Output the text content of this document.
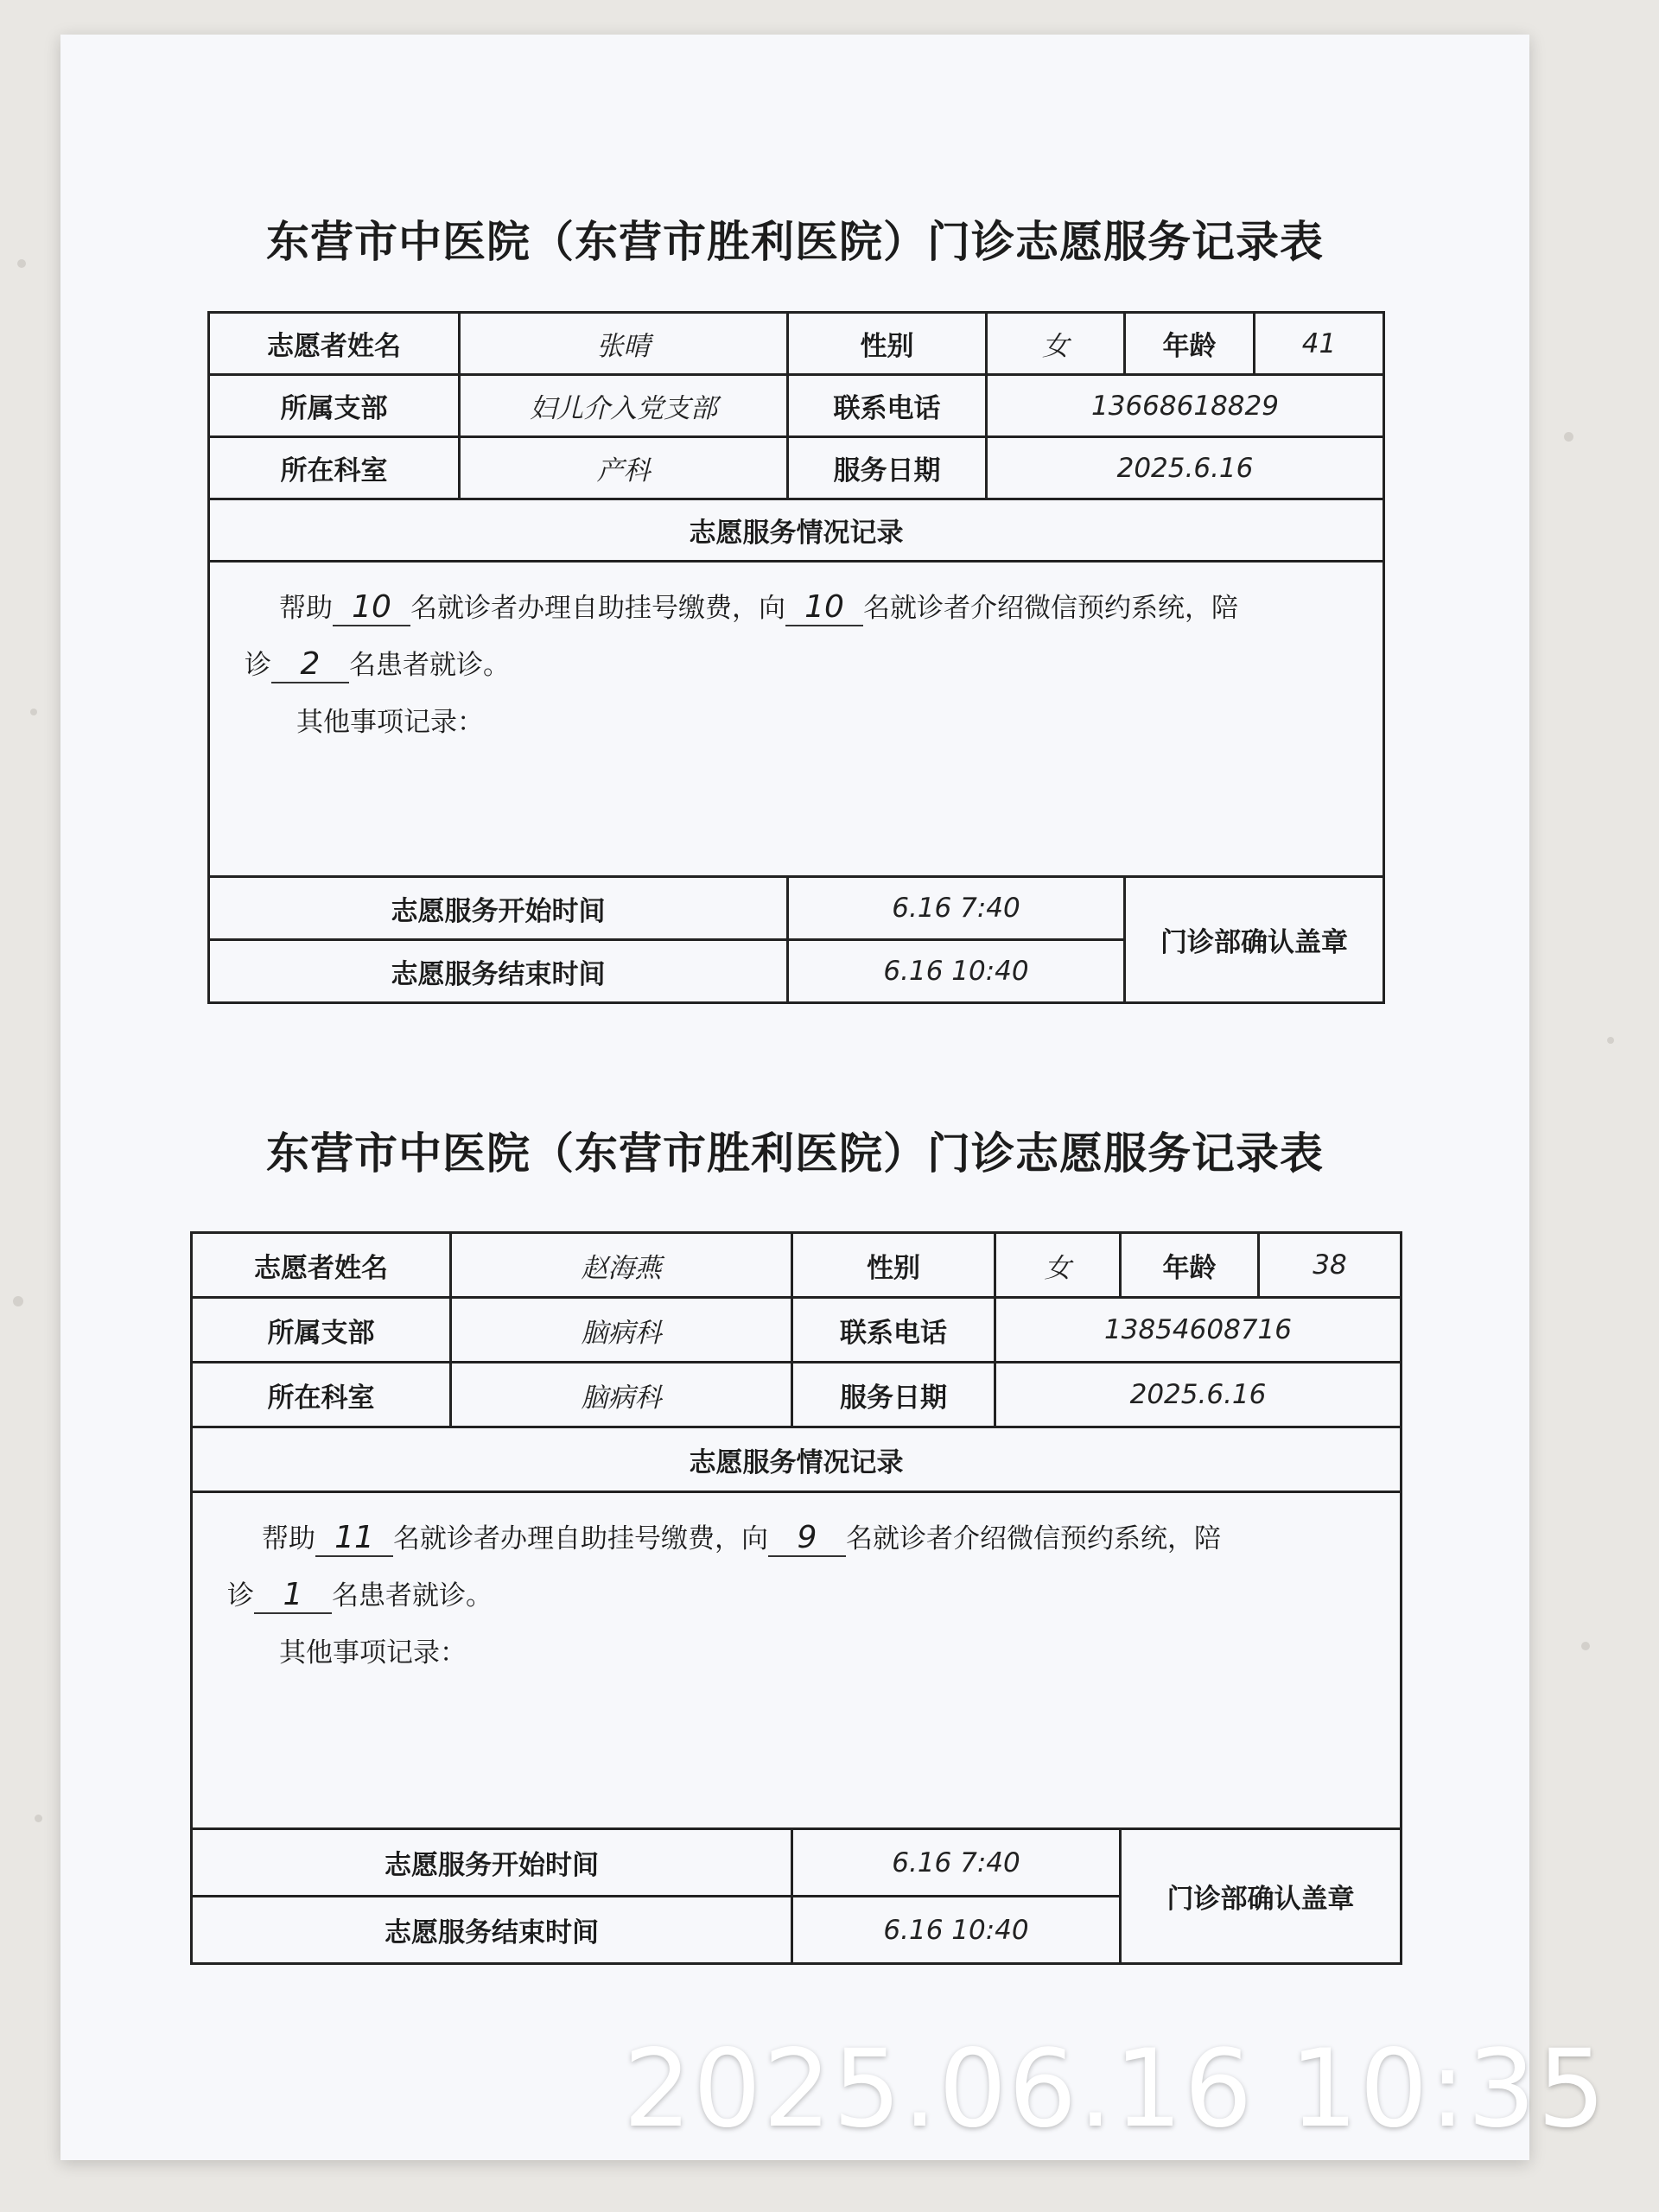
东营市中医院（东营市胜利医院）门诊志愿服务记录表
志愿者姓名	张晴	性别	女	年龄	41
所属支部	妇儿介入党支部	联系电话	13668618829		
所在科室	产科	服务日期	2025.6.16		
志愿服务情况记录					

帮助 10 名就诊者办理自助挂号缴费，向 10 名就诊者介绍微信预约系统，陪
诊 2 名患者就诊。
其他事项记录：					

志愿服务开始时间		6.16 7:40		门诊部确认盖章	
志愿服务结束时间		6.16 10:40			
东营市中医院（东营市胜利医院）门诊志愿服务记录表
志愿者姓名	赵海燕	性别	女	年龄	38
所属支部	脑病科	联系电话	13854608716		
所在科室	脑病科	服务日期	2025.6.16		
志愿服务情况记录					

帮助 11 名就诊者办理自助挂号缴费，向 9 名就诊者介绍微信预约系统，陪
诊 1 名患者就诊。
其他事项记录：					

志愿服务开始时间		6.16 7:40		门诊部确认盖章	
志愿服务结束时间		6.16 10:40			
2025.06.16 10:35
